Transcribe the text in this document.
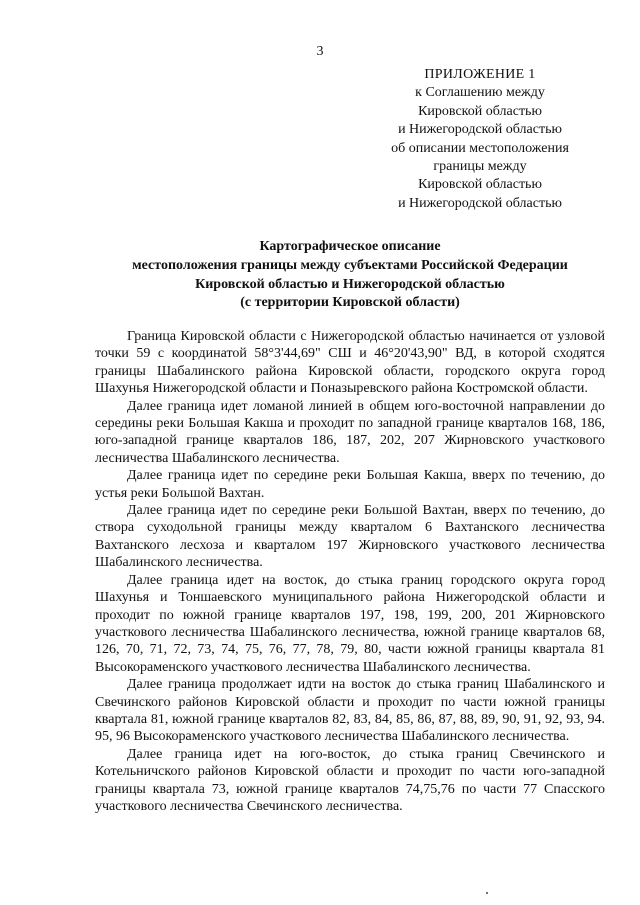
3
ПРИЛОЖЕНИЕ 1
к Соглашению между
Кировской областью
и Нижегородской областью
об описании местоположения
границы между
Кировской областью
и Нижегородской областью
Картографическое описание
местоположения границы между субъектами Российской Федерации
Кировской областью и Нижегородской областью
(с территории Кировской области)

Граница Кировской области с Нижегородской областью начинается от узловой точки 59 с координатой 58°3'44,69" СШ и 46°20'43,90" ВД, в которой сходятся границы Шабалинского района Кировской области, городского округа город Шахунья Нижегородской области и Поназыревского района Костромской области.

Далее граница идет ломаной линией в общем юго-восточной направлении до середины реки Большая Какша и проходит по западной границе кварталов 168, 186, юго-западной границе кварталов 186, 187, 202, 207 Жирновского участкового лесничества Шабалинского лесничества.

Далее граница идет по середине реки Большая Какша, вверх по течению, до устья реки Большой Вахтан.

Далее граница идет по середине реки Большой Вахтан, вверх по течению, до створа суходольной границы между кварталом 6 Вахтанского лесничества Вахтанского лесхоза и кварталом 197 Жирновского участкового лесничества Шабалинского лесничества.

Далее граница идет на восток, до стыка границ городского округа город Шахунья и Тоншаевского муниципального района Нижегородской области и проходит по южной границе кварталов 197, 198, 199, 200, 201 Жирновского участкового лесничества Шабалинского лесничества, южной границе кварталов 68, 126, 70, 71, 72, 73, 74, 75, 76, 77, 78, 79, 80, части южной границы квартала 81 Высокораменского участкового лесничества Шабалинского лесничества.

Далее граница продолжает идти на восток до стыка границ Шабалинского и Свечинского районов Кировской области и проходит по части южной границы квартала 81, южной границе кварталов 82, 83, 84, 85, 86, 87, 88, 89, 90, 91, 92, 93, 94. 95, 96 Высокораменского участкового лесничества Шабалинского лесничества.

Далее граница идет на юго-восток, до стыка границ Свечинского и Котельничского районов Кировской области и проходит по части юго-западной границы квартала 73, южной границе кварталов 74,75,76 по части 77 Спасского участкового лесничества Свечинского лесничества.
